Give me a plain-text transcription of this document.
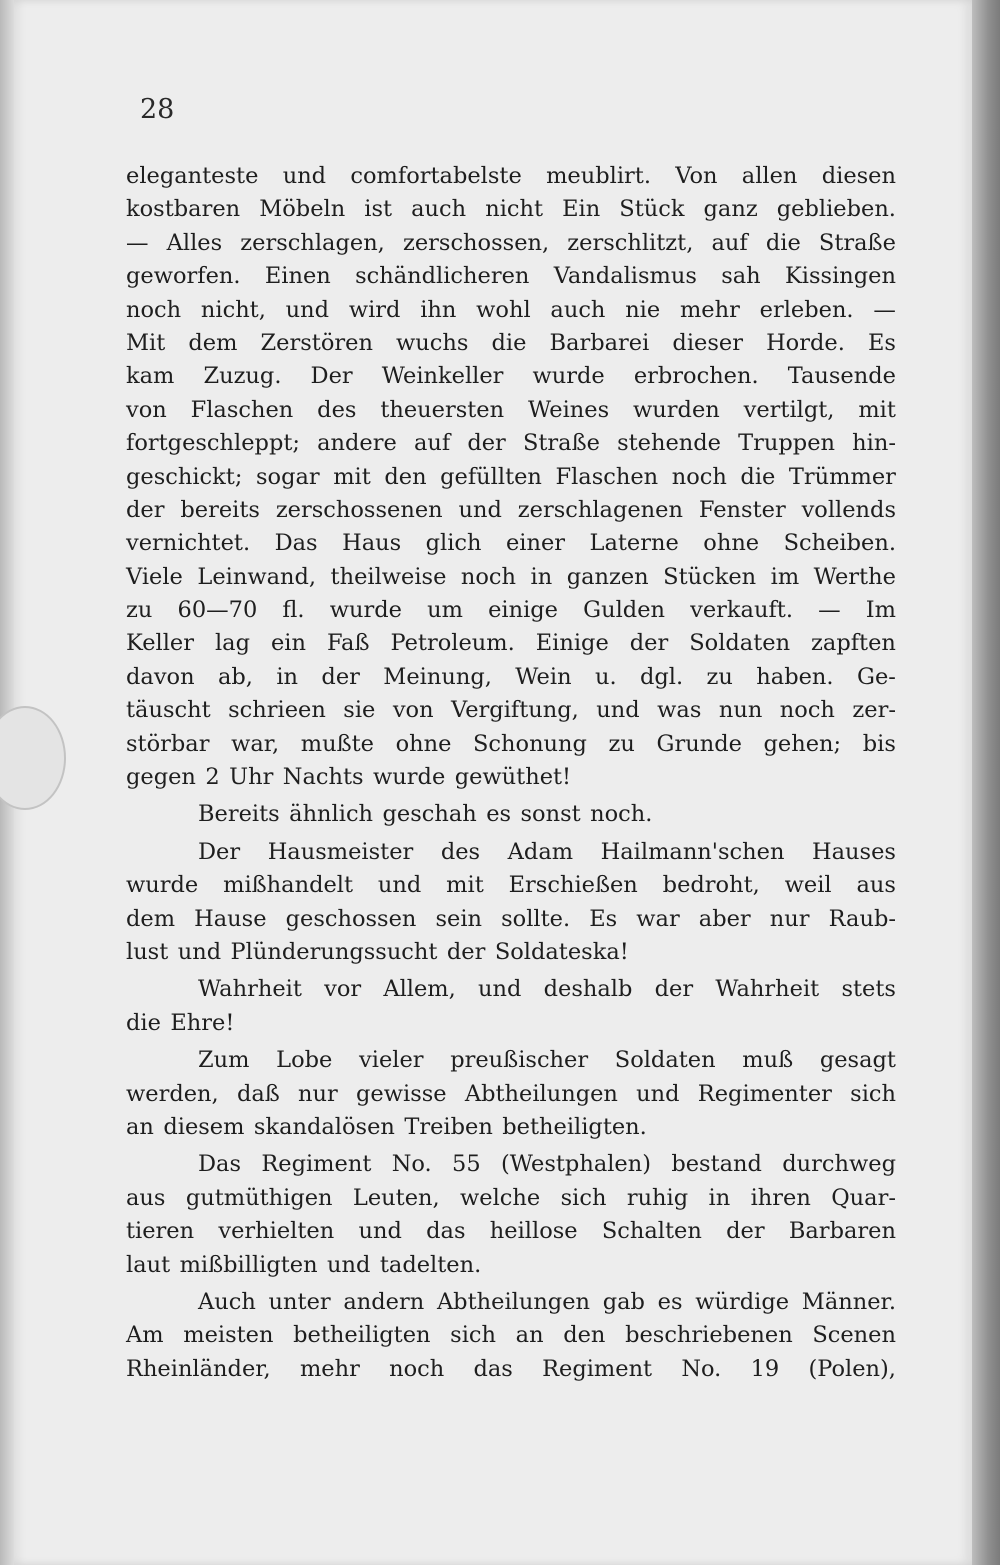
28
eleganteste und comfortabelste meublirt. Von allen diesen
kostbaren Möbeln ist auch nicht Ein Stück ganz geblieben.
— Alles zerschlagen, zerschossen, zerschlitzt, auf die Straße
geworfen. Einen schändlicheren Vandalismus sah Kissingen
noch nicht, und wird ihn wohl auch nie mehr erleben. —
Mit dem Zerstören wuchs die Barbarei dieser Horde. Es
kam Zuzug. Der Weinkeller wurde erbrochen. Tausende
von Flaschen des theuersten Weines wurden vertilgt, mit
fortgeschleppt; andere auf der Straße stehende Truppen hin-
geschickt; sogar mit den gefüllten Flaschen noch die Trümmer
der bereits zerschossenen und zerschlagenen Fenster vollends
vernichtet. Das Haus glich einer Laterne ohne Scheiben.
Viele Leinwand, theilweise noch in ganzen Stücken im Werthe
zu 60—70 fl. wurde um einige Gulden verkauft. — Im
Keller lag ein Faß Petroleum. Einige der Soldaten zapften
davon ab, in der Meinung, Wein u. dgl. zu haben. Ge-
täuscht schrieen sie von Vergiftung, und was nun noch zer-
störbar war, mußte ohne Schonung zu Grunde gehen; bis
gegen 2 Uhr Nachts wurde gewüthet!
Bereits ähnlich geschah es sonst noch.
Der Hausmeister des Adam Hailmann'schen Hauses
wurde mißhandelt und mit Erschießen bedroht, weil aus
dem Hause geschossen sein sollte. Es war aber nur Raub-
lust und Plünderungssucht der Soldateska!
Wahrheit vor Allem, und deshalb der Wahrheit stets
die Ehre!
Zum Lobe vieler preußischer Soldaten muß gesagt
werden, daß nur gewisse Abtheilungen und Regimenter sich
an diesem skandalösen Treiben betheiligten.
Das Regiment No. 55 (Westphalen) bestand durchweg
aus gutmüthigen Leuten, welche sich ruhig in ihren Quar-
tieren verhielten und das heillose Schalten der Barbaren
laut mißbilligten und tadelten.
Auch unter andern Abtheilungen gab es würdige Männer.
Am meisten betheiligten sich an den beschriebenen Scenen
Rheinländer, mehr noch das Regiment No. 19 (Polen),
